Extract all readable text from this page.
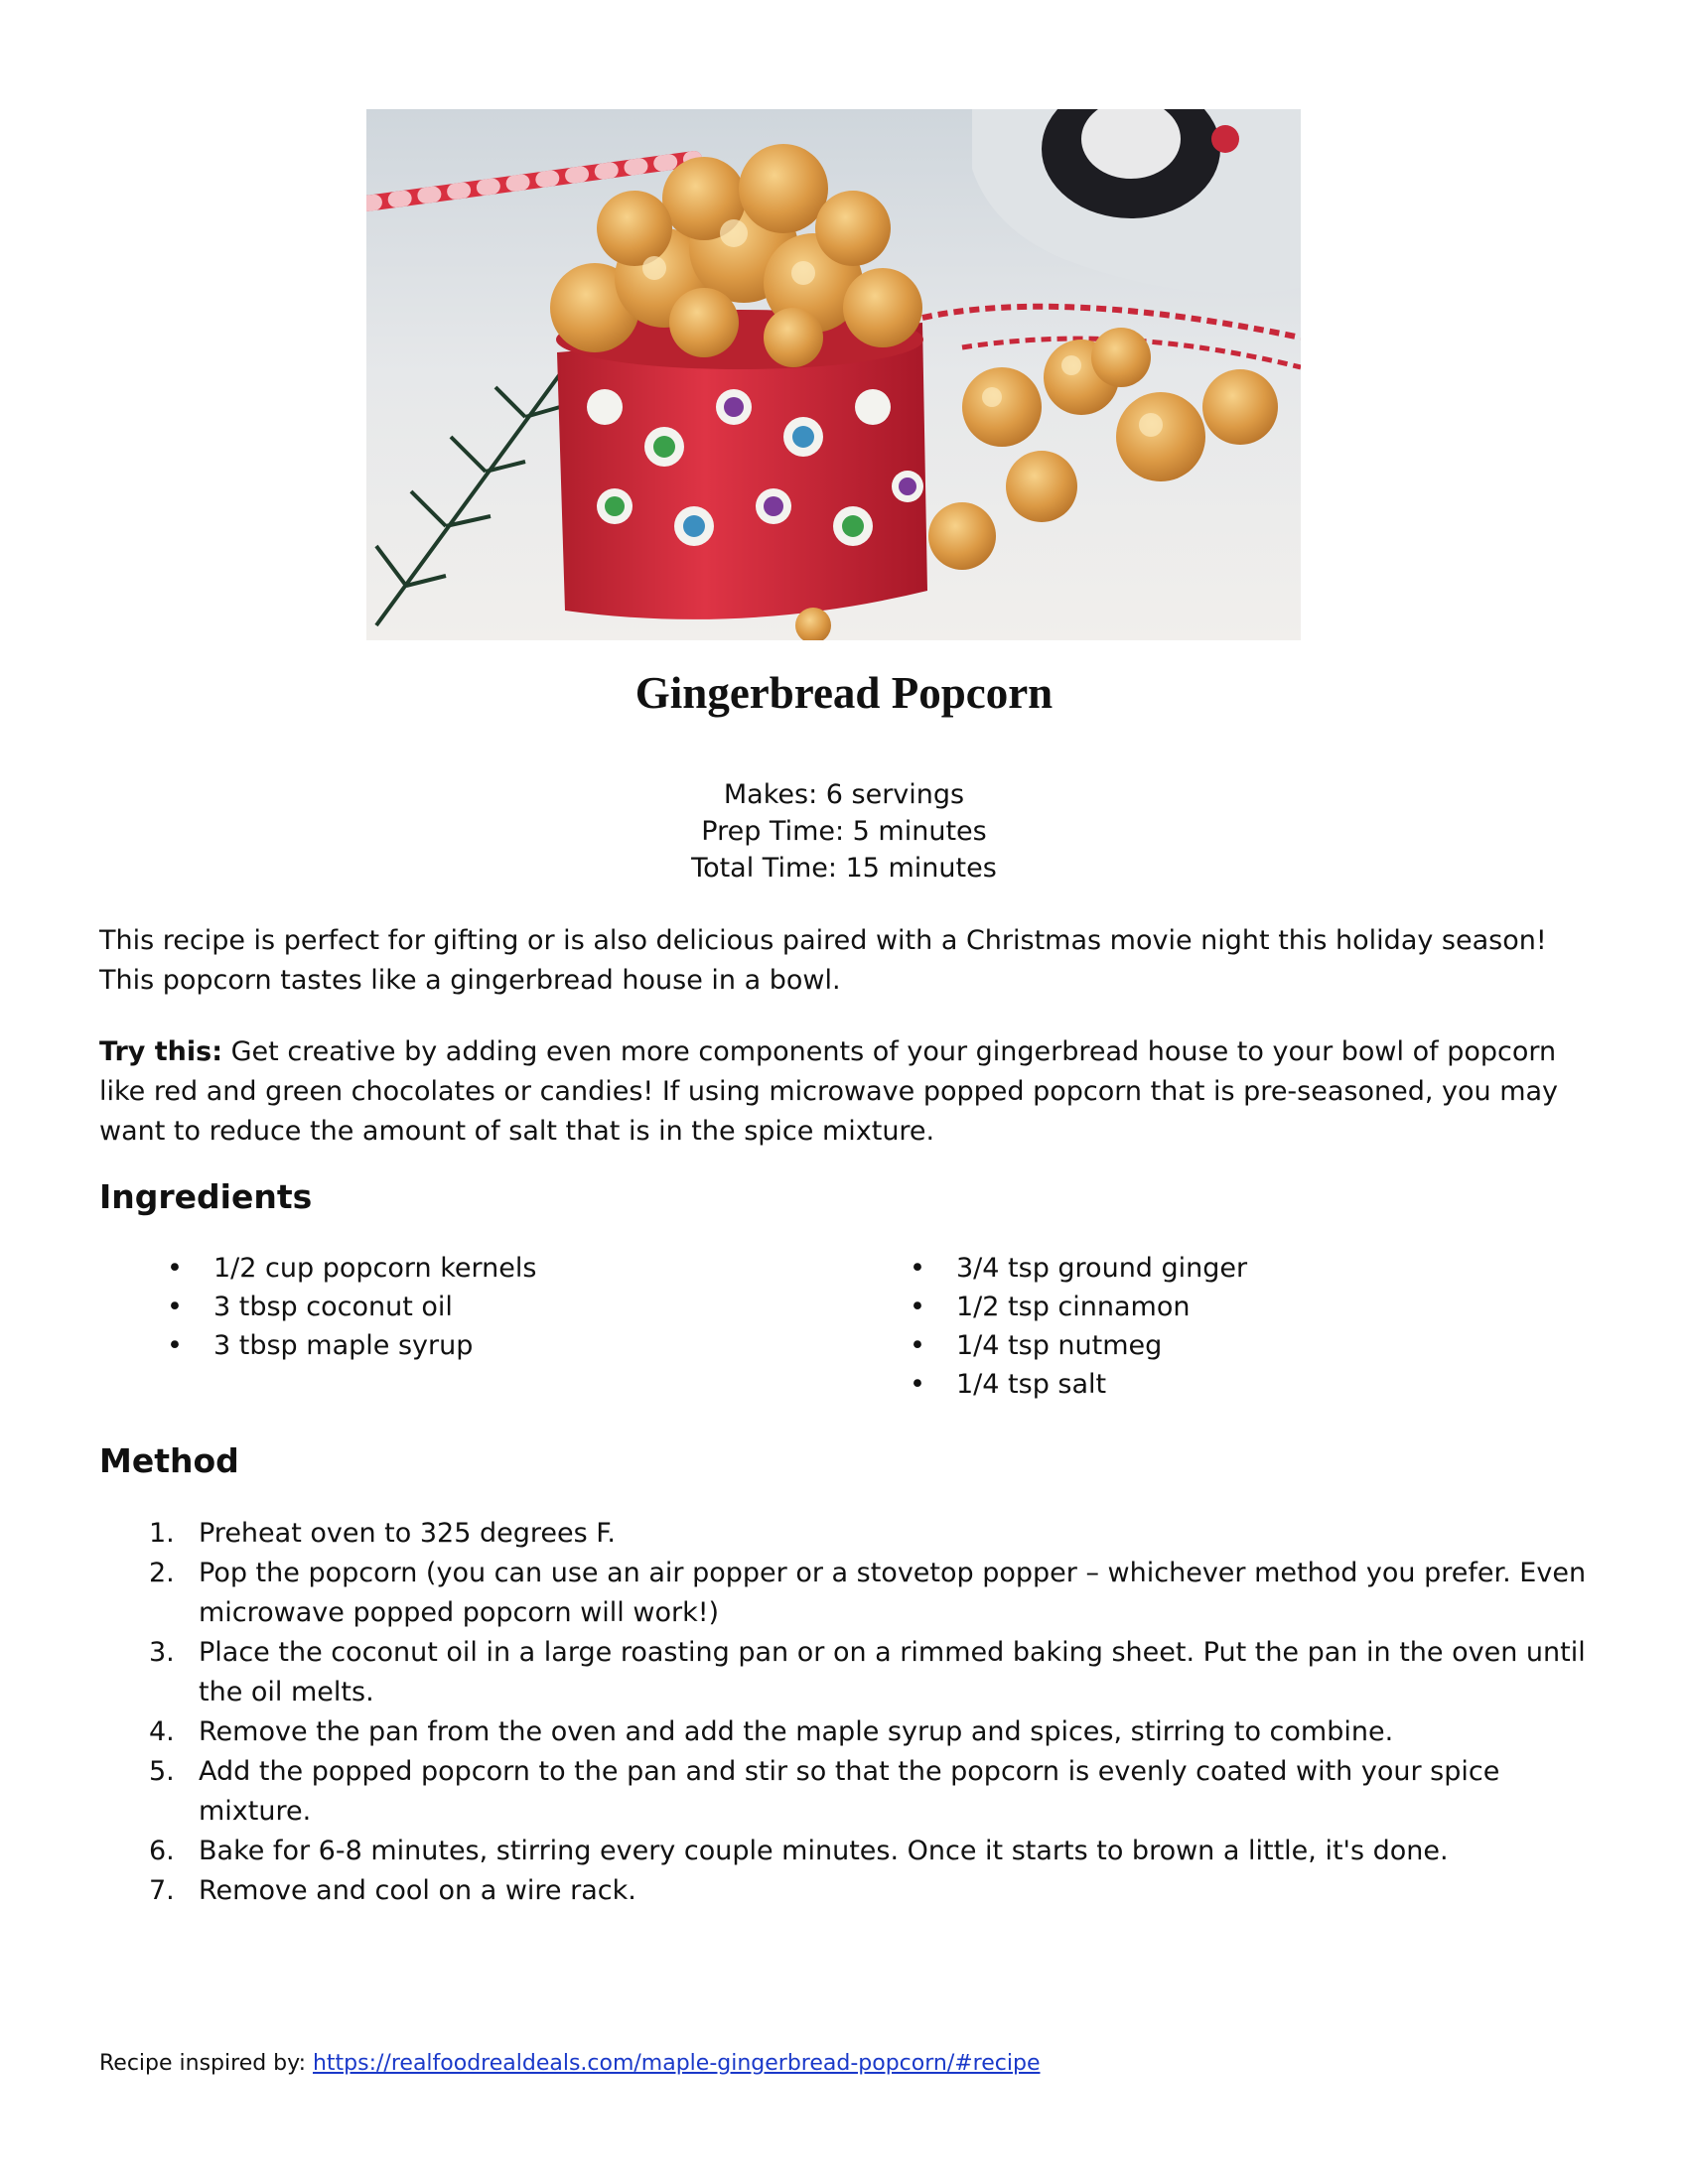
Gingerbread Popcorn
Makes: 6 servings
Prep Time: 5 minutes
Total Time: 15 minutes

This recipe is perfect for gifting or is also delicious paired with a Christmas movie night this holiday season! This popcorn tastes like a gingerbread house in a bowl.

Try this: Get creative by adding even more components of your gingerbread house to your bowl of popcorn like red and green chocolates or candies! If using microwave popped popcorn that is pre-seasoned, you may want to reduce the amount of salt that is in the spice mixture.

Ingredients
• 1/2 cup popcorn kernels
• 3 tbsp coconut oil
• 3 tbsp maple syrup
• 3/4 tsp ground ginger
• 1/2 tsp cinnamon
• 1/4 tsp nutmeg
• 1/4 tsp salt
Method
1. Preheat oven to 325 degrees F.
2. Pop the popcorn (you can use an air popper or a stovetop popper – whichever method you prefer. Even microwave popped popcorn will work!)
3. Place the coconut oil in a large roasting pan or on a rimmed baking sheet. Put the pan in the oven until the oil melts.
4. Remove the pan from the oven and add the maple syrup and spices, stirring to combine.
5. Add the popped popcorn to the pan and stir so that the popcorn is evenly coated with your spice mixture.
6. Bake for 6-8 minutes, stirring every couple minutes. Once it starts to brown a little, it's done.
7. Remove and cool on a wire rack.
Recipe inspired by: https://realfoodrealdeals.com/maple-gingerbread-popcorn/#recipe
